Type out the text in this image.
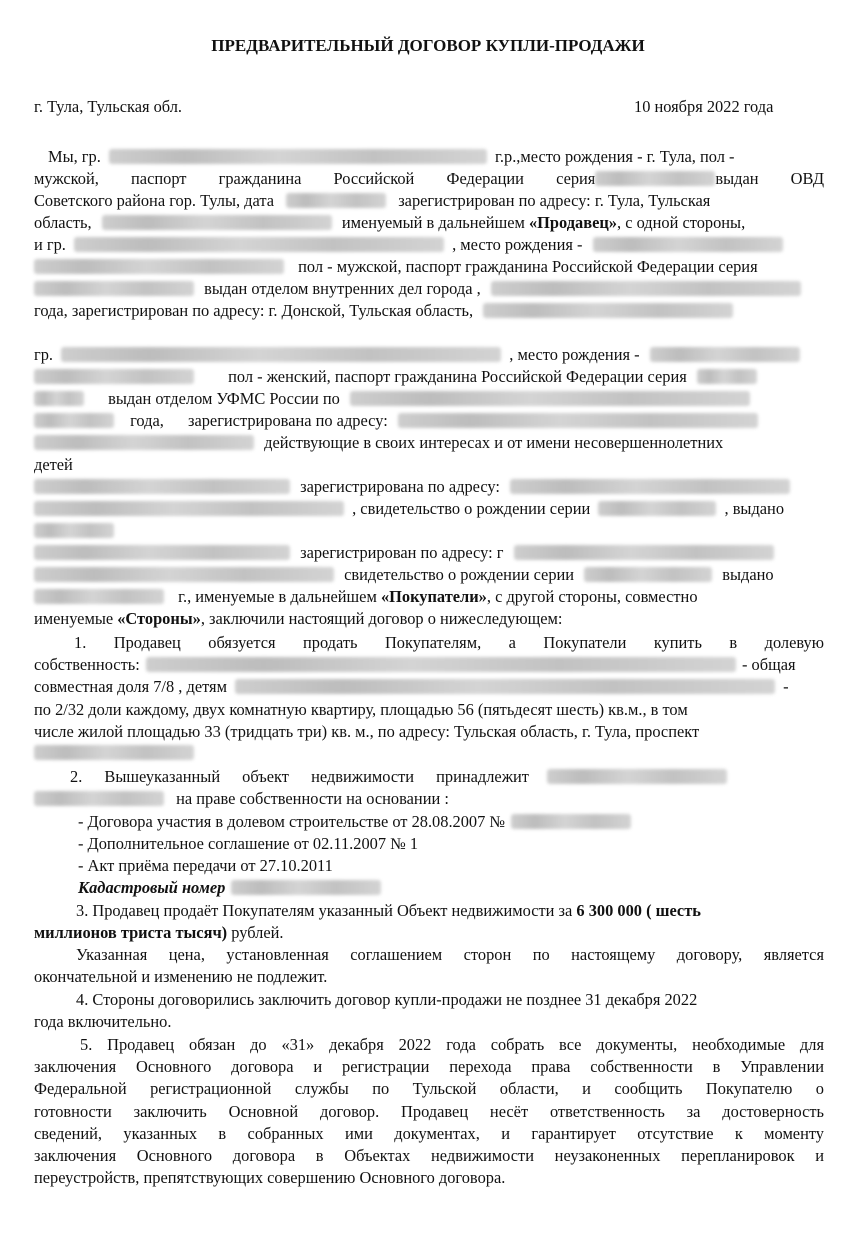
ПРЕДВАРИТЕЛЬНЫЙ ДОГОВОР КУПЛИ-ПРОДАЖИ
г. Тула, Тульская обл.	10 ноября 2022 года
Мы, гр.	г.р.,место рождения - г. Тула, пол -
мужской, паспорт гражданина Российской Федерации серия	выдан ОВД
Советского района гор. Тулы, дата	зарегистрирован по адресу: г. Тула, Тульская
область,	именуемый в дальнейшем «Продавец», с одной стороны,
и гр.	, место рождения -
пол - мужской, паспорт гражданина Российской Федерации серия
выдан отделом внутренних дел города ,
года, зарегистрирован по адресу: г. Донской, Тульская область,
гр.	, место рождения -
пол - женский, паспорт гражданина Российской Федерации серия
выдан отделом УФМС России по
года, зарегистрирована по адресу:
действующие в своих интересах и от имени несовершеннолетних
детей
зарегистрирована по адресу:
, свидетельство о рождении серии	, выдано
зарегистрирован по адресу: г
свидетельство о рождении серии	выдано
г., именуемые в дальнейшем «Покупатели», с другой стороны, совместно
именуемые «Стороны», заключили настоящий договор о нижеследующем:
1. Продавец обязуется продать Покупателям, а Покупатели купить в долевую
собственность:	- общая
совместная доля 7/8 , детям	-
по 2/32 доли каждому, двух комнатную квартиру, площадью 56 (пятьдесят шесть) кв.м., в том
числе жилой площадью 33 (тридцать три) кв. м., по адресу: Тульская область, г. Тула, проспект
2. Вышеуказанный объект недвижимости принадлежит
на праве собственности на основании :
- Договора участия в долевом строительстве от 28.08.2007 №
- Дополнительное соглашение от 02.11.2007 № 1
- Акт приёма передачи от 27.10.2011
Кадастровый номер
3. Продавец продаёт Покупателям указанный Объект недвижимости за 6 300 000 ( шесть
миллионов триста тысяч) рублей.
Указанная цена, установленная соглашением сторон по настоящему договору, является
окончательной и изменению не подлежит.
4. Стороны договорились заключить договор купли-продажи не позднее 31 декабря 2022
года включительно.
5. Продавец обязан до «31» декабря 2022 года собрать все документы, необходимые для
заключения Основного договора и регистрации перехода права собственности в Управлении
Федеральной регистрационной службы по Тульской области, и сообщить Покупателю о
готовности заключить Основной договор. Продавец несёт ответственность за достоверность
сведений, указанных в собранных ими документах, и гарантирует отсутствие к моменту
заключения Основного договора в Объектах недвижимости неузаконенных перепланировок и
переустройств, препятствующих совершению Основного договора.
